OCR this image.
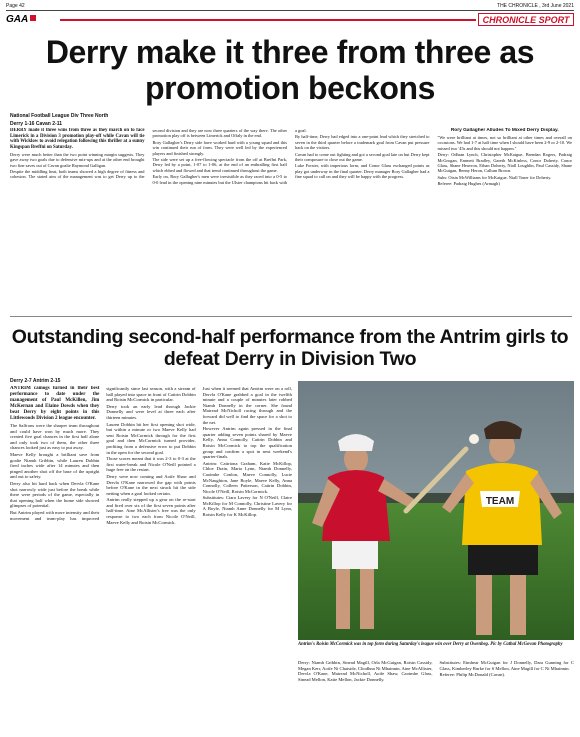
Page 42	THE CHRONICLE , 3rd June 2021
GAA	CHRONICLE SPORT
Derry make it three from three as promotion beckons
National Football League Div Three North
Derry 1-16 Cavan 2-11

DERRY made it three wins from three as they march on to face Limerick in a Division 3 promotion play-off while Cavan will tie with Wicklow to avoid relegation following this thriller at a sunny Kingspan Breffni on Saturday.

Derry were much better than the two point winning margin suggests. They gave away two goals due to defensive mix-ups and at the other end brought two fine saves out of Cavan goalie Raymond Galligan.

Despite the middling heat, both teams showed a high degree of fitness and cohesion. The stated aim of the management was to get Derry up to the second division and they are now three quarters of the way there. The other promotion play off is between Limerick and Offaly in the end.

Rory Gallagher's Derry side have worked hard with a young squad and this win continued their run of form. They were well led by the experienced players and finished strongly.

The side were set up a free-flowing spectacle from the off at Breffni Park, Derry led by a point, 1-07 to 1-06, at the end of an enthralling first half which ebbed and flowed and that trend continued throughout the game.

Early on, Rory Gallagher's men were irresistible as they raced into a 0-5 to 0-0 lead in the opening nine minutes but the Ulster champions hit back with a goal.

By half-time, Derry had edged into a one-point lead which they stretched to seven in the third quarter before a trademark goal from Cavan put pressure back on the visitors.

Cavan had to come out fighting and got a second goal late on but Derry kept their composure to close out the game.

Luke Forster, with imperious form, and Conor Glass exchanged points as play got underway in the final quarter. Derry manager Rory Gallagher had a fine squad to call on and they will be happy with the progress.

Rory Gallagher Alludes To Mixed Derry Display.

"We were brilliant at times, not so brilliant at other times and overall on occasions. We had 1-7 at half time when I should have been 2-9 or 2-10. We missed two '45s and this should not happen."

Derry: Odhran Lynch, Christopher McKaigue, Brendan Rogers, Padraig McGrogan, Emmett Bradley, Gareth McKinless, Conor Doherty, Conor Glass, Shane Heavron, Ethan Doherty, Niall Loughlin, Paul Cassidy, Shane McGuigan, Benny Heron, Callum Brown.

Subs: Oisin McWilliams for McKaigue, Niall Toner for Doherty.

Referee: Padraig Hughes (Armagh)

Outstanding second-half performance from the Antrim girls to defeat Derry in Division Two
Derry 2-7 Antrim 2-15

ANTRIM camogs turned in their best performance to date under the management of Paul McKillen, Jim McKernan and Elaine Dowds when they beat Derry by eight points in this Littlewoods Division 2 league encounter.

The Saffrons were the sharper team throughout and could have won by much more. They created five goal chances in the first half alone and only took two of them, the other three chances looked just as easy to put away.

Maeve Kelly brought a brilliant save from goalie Niamh Gribbin, while Lauren Dobbin fired inches wide after 14 minutes and then pinged another shot off the base of the upright and out to safety.

Derry also hit hard back when Dervla O'Kane shot narrowly wide just before the break while there were periods of the game, especially in that opening half when the home side showed glimpses of potential.

But Antrim played with more intensity and their movement and team-play has improved significantly since last season, with a stream of ball played into space in front of Caitrin Dobbin and Roisin McCormick in particular.

Derry took an early lead through Jackie Donnelly and were level at three each after thirteen minutes.

Lauren Dobbin hit her first opening shot wide, but within a minute or two Maeve Kelly had sent Roisin McCormick through for the first goal and then McCormick turned provider, profiting from a defensive error to put Dobbin in the open for the second goal.

Those scores meant that it was 2-3 to 0-3 at the first water-break and Nicole O'Neill pointed a huge free on the restart.

Derry were now coming and Aoife Shaw and Dervla O'Kane narrowed the gap with points before O'Kane in the next struck hit the side netting when a goal looked certain.

Antrim really stepped up a gear on the re-start and fired over six of the first seven points after half-time. Aine McAllister's free was the only response to two each from Nicole O'Neill, Maeve Kelly and Roisin McCormick.

Just when it seemed that Antrim were on a roll, Dervla O'Kane grabbed a goal in the twelfth minute and a couple of minutes later robbed Niamh Donnelly in the corner. She found Mairead McNicholl racing through and the forward did well to find the space for a shot to the net.

However Antrim again pressed in the final quarter adding seven points shared by Maeve Kelly, Anna Connolly, Caitrin Dobbin and Roisin McCormick to top the qualification group and confirm a spot in next weekend's quarter-finals.

Antrim: Caitriona Graham, Katie McKillop, Chloe Drain, Maria Lynn, Niamh Donnelly, Caoimhe Conlon, Maeve Connolly, Lucie McNaughton, Jane Boyle, Maeve Kelly, Anna Connolly, Colleen Patterson, Caitrin Dobbin, Nicole O'Neill, Roisin McCormick.

Substitutes: Ciara Lavery for N O'Neill, Claire McKillop for M Connolly, Christine Lavery for A Boyle, Niamh Anne Donnelly for M Lynn, Roisin Kelly for K McKillop.

TEAM
Antrim's Roisin McCormick was in top form during Saturday's league win over Derry at Owenbeg. Pic by Cathal McGovan Photography

Derry: Niamh Gribbin, Sinead Magill, Orla McGuigan, Roisin Cassidy, Megan Kerr, Aoife Ni Chaiside, Cliodhna Ni Mhainnin, Aine McAllister, Dervla O'Kane, Mairead McNicholl, Aoife Shaw, Caoimhe Glass, Sinead Mellon, Katie Mellon, Jackie Donnelly.

Substitutes: Eimhear McGuigan for J Donnelly, Dara Gunning for C Glass, Kimberley Burke for S Mellon, Aine Magill for C Ni Mhainnin.

Referee: Philip McDonald (Cavan).
